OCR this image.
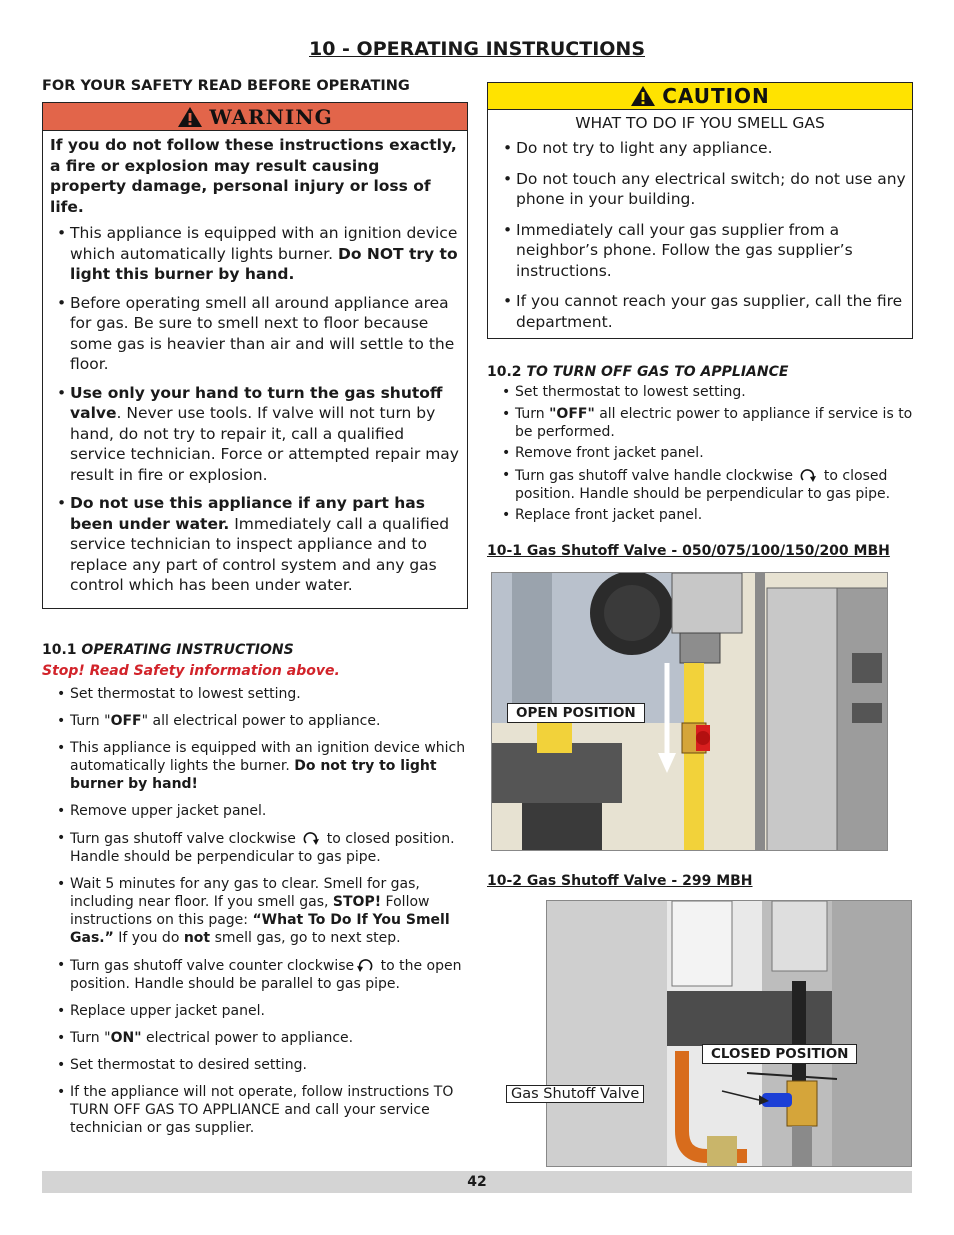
10 - OPERATING INSTRUCTIONS
FOR YOUR SAFETY READ BEFORE OPERATING
WARNING
If you do not follow these instructions exactly, a fire or explosion may result causing property damage, personal injury or loss of life.
• This appliance is equipped with an ignition device which automatically lights burner. Do NOT try to light this burner by hand.
• Before operating smell all around appliance area for gas. Be sure to smell next to floor because some gas is heavier than air and will settle to the floor.
• Use only your hand to turn the gas shutoff valve. Never use tools. If valve will not turn by hand, do not try to repair it, call a qualified service technician. Force or attempted repair may result in fire or explosion.
• Do not use this appliance if any part has been under water. Immediately call a qualified service technician to inspect appliance and to replace any part of control system and any gas control which has been under water.
CAUTION
WHAT TO DO IF YOU SMELL GAS
• Do not try to light any appliance.
• Do not touch any electrical switch; do not use any phone in your building.
• Immediately call your gas supplier from a neighbor’s phone. Follow the gas supplier’s instructions.
• If you cannot reach your gas supplier, call the fire department.
10.2 TO TURN OFF GAS TO APPLIANCE
• Set thermostat to lowest setting.
• Turn "OFF" all electric power to appliance if service is to be performed.
• Remove front jacket panel.
• Turn gas shutoff valve handle clockwise  to closed position. Handle should be perpendicular to gas pipe.
• Replace front jacket panel.
10-1 Gas Shutoff Valve - 050/075/100/150/200 MBH
OPEN POSITION
10-2 Gas Shutoff Valve - 299 MBH
CLOSED POSITION
Gas Shutoff Valve
10.1 OPERATING INSTRUCTIONS
Stop! Read Safety information above.
• Set thermostat to lowest setting.
• Turn "OFF" all electrical power to appliance.
• This appliance is equipped with an ignition device which automatically lights the burner. Do not try to light burner by hand!
• Remove upper jacket panel.
• Turn gas shutoff valve clockwise  to closed position. Handle should be perpendicular to gas pipe.
• Wait 5 minutes for any gas to clear. Smell for gas, including near floor. If you smell gas, STOP! Follow instructions on this page: “What To Do If You Smell Gas.” If you do not smell gas, go to next step.
• Turn gas shutoff valve counter clockwise to the open position. Handle should be parallel to gas pipe.
• Replace upper jacket panel.
• Turn "ON" electrical power to appliance.
• Set thermostat to desired setting.
• If the appliance will not operate, follow instructions TO TURN OFF GAS TO APPLIANCE and call your service technician or gas supplier.
42
